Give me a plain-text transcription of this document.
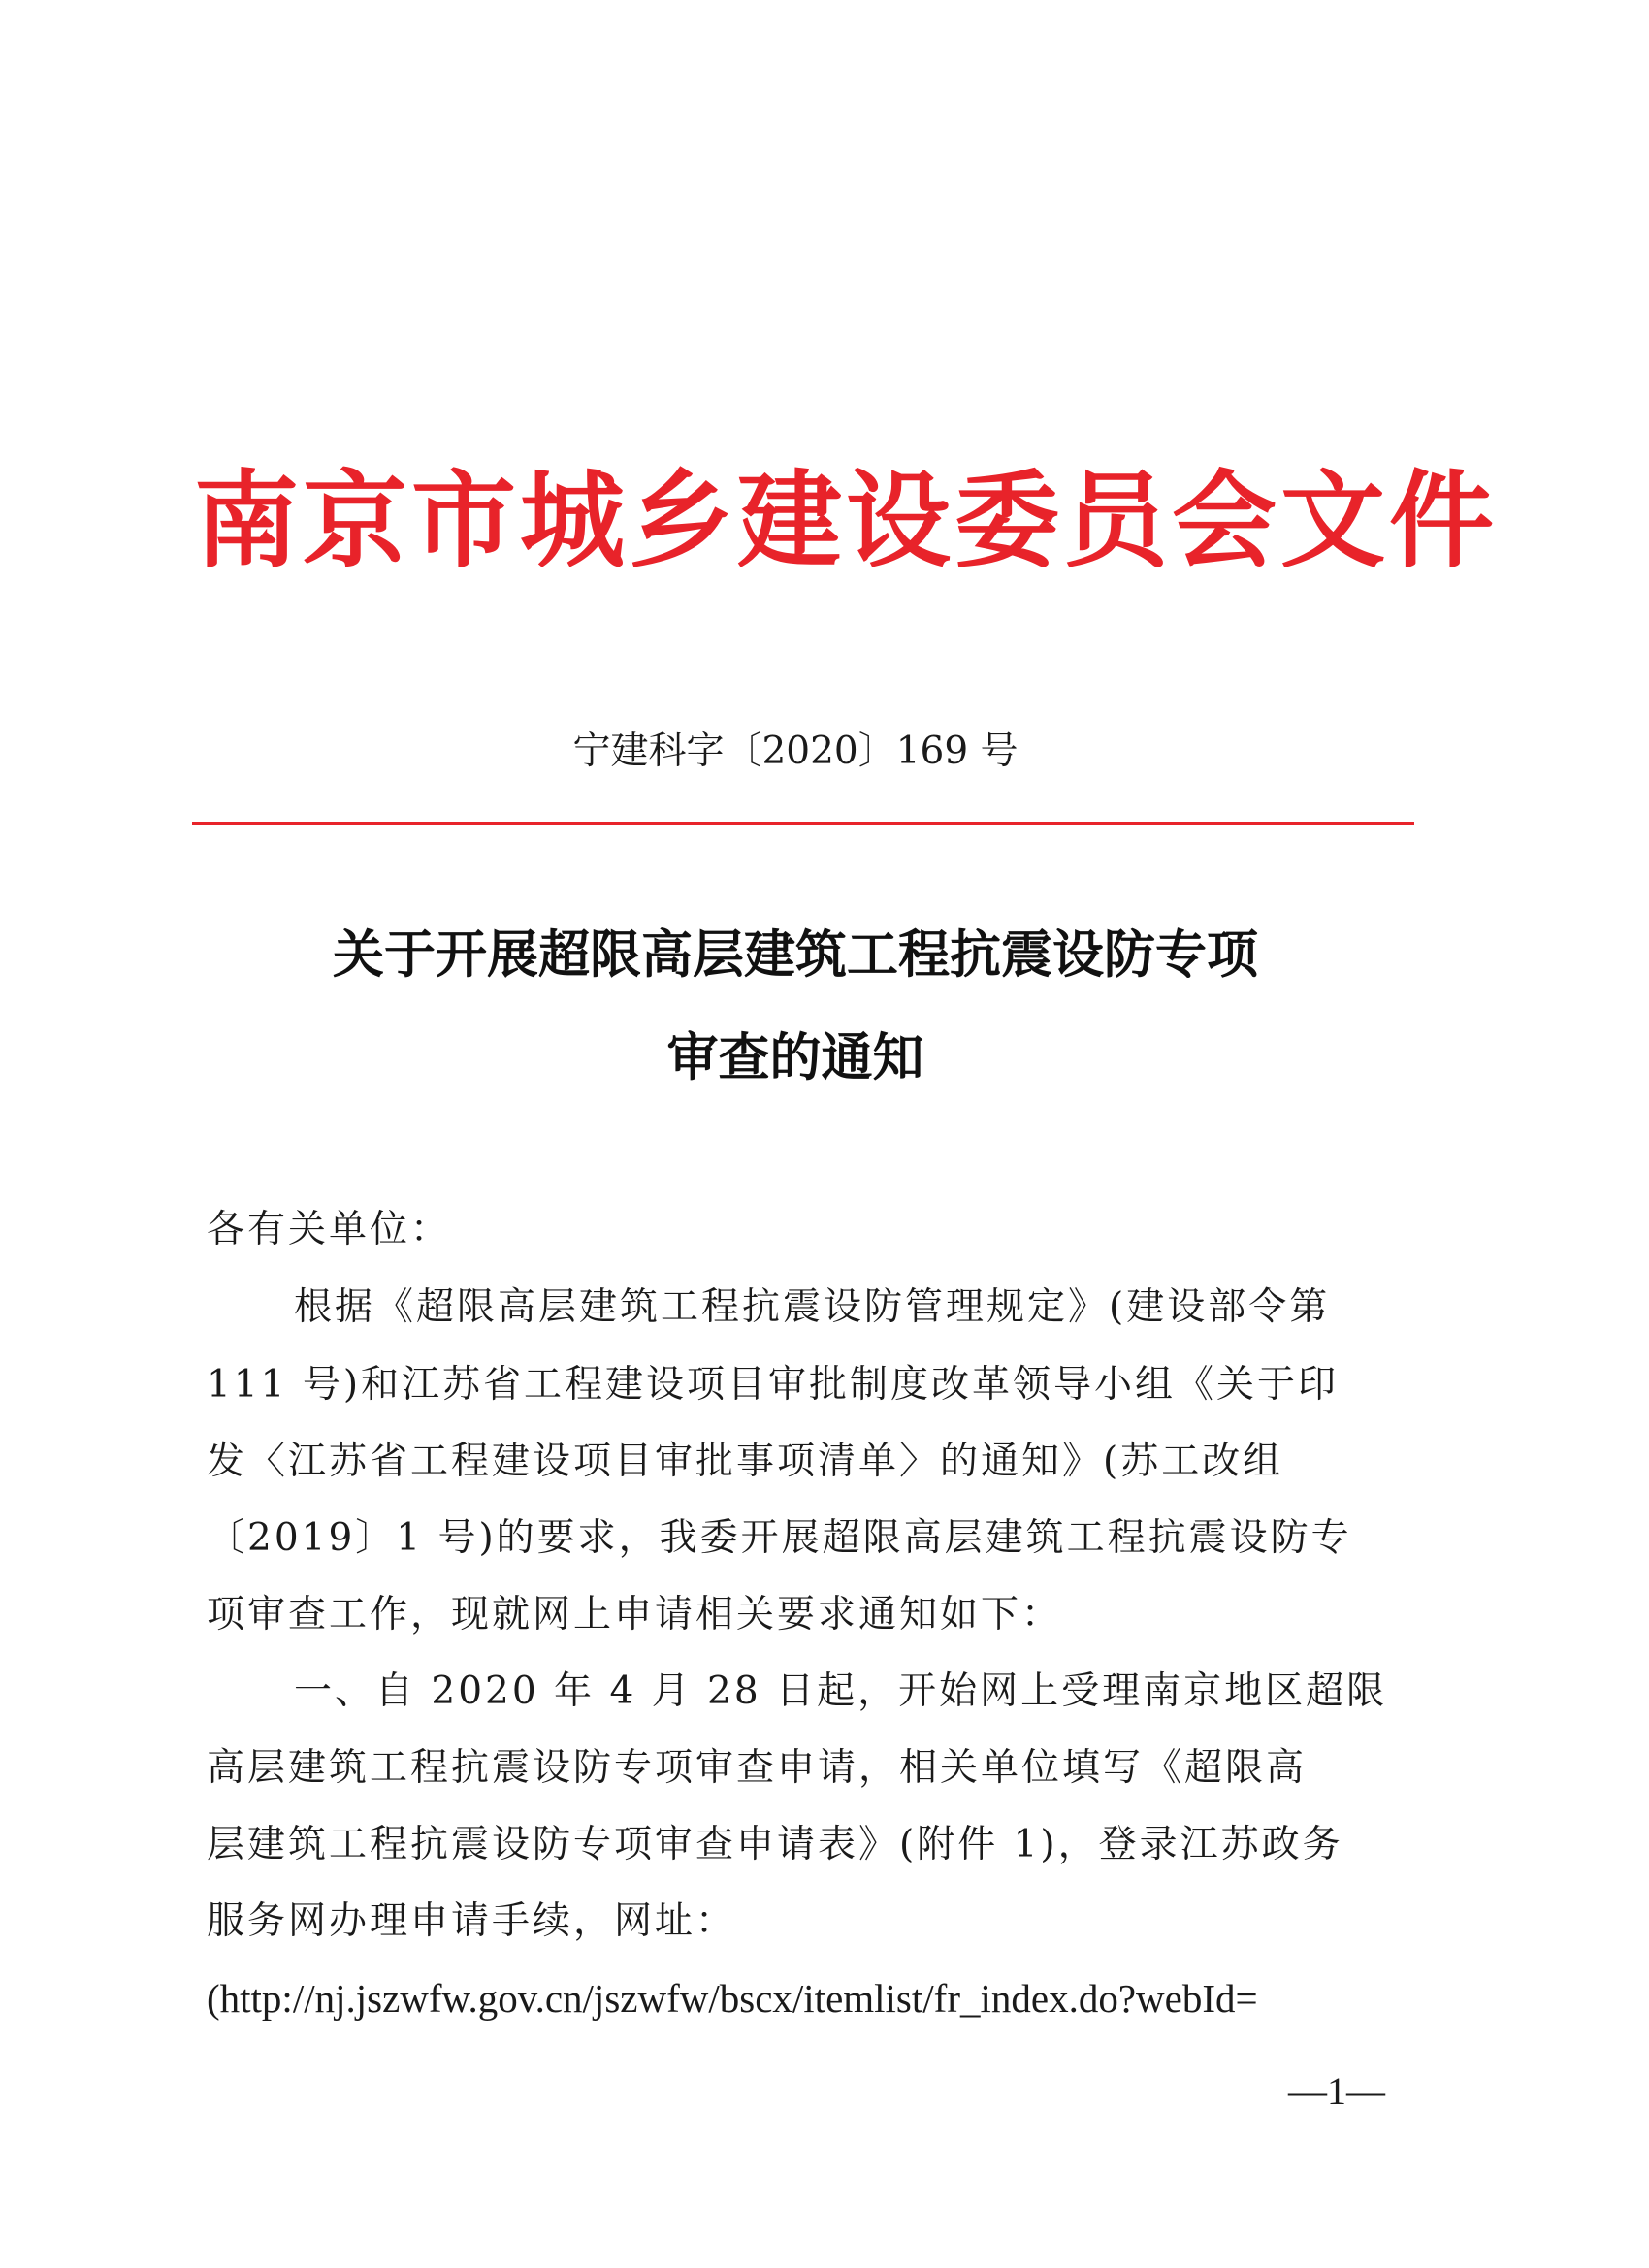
南京市城乡建设委员会文件
宁建科字〔2020〕169 号
关于开展超限高层建筑工程抗震设防专项
审查的通知
各有关单位：
根据《超限高层建筑工程抗震设防管理规定》(建设部令第
111 号)和江苏省工程建设项目审批制度改革领导小组《关于印
发〈江苏省工程建设项目审批事项清单〉的通知》(苏工改组
〔2019〕1 号)的要求，我委开展超限高层建筑工程抗震设防专
项审查工作，现就网上申请相关要求通知如下：
一、自 2020 年 4 月 28 日起，开始网上受理南京地区超限
高层建筑工程抗震设防专项审查申请，相关单位填写《超限高
层建筑工程抗震设防专项审查申请表》(附件 1)，登录江苏政务
服务网办理申请手续，网址：
(http://nj.jszwfw.gov.cn/jszwfw/bscx/itemlist/fr_index.do?webId=
—1—
